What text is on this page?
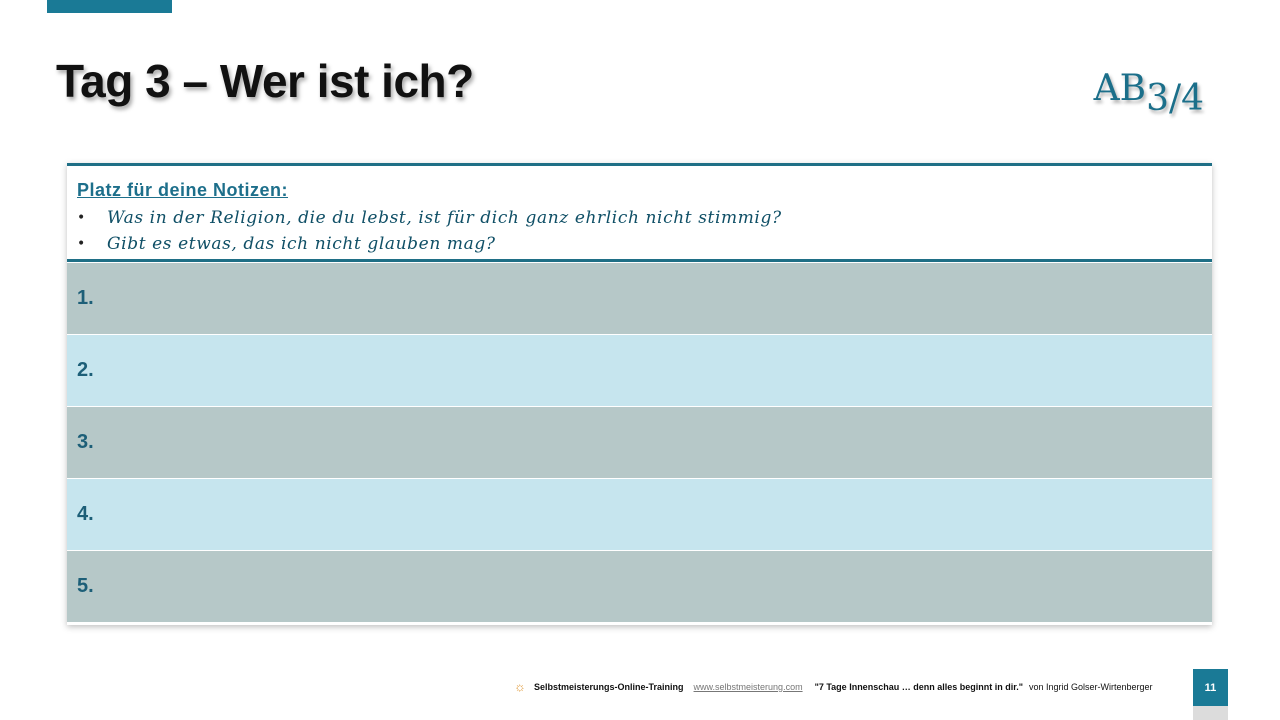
Tag 3 – Wer ist ich?	AB3/4
Platz für deine Notizen:
• Was in der Religion, die du lebst, ist für dich ganz ehrlich nicht stimmig?
• Gibt es etwas, das ich nicht glauben mag?
1.
2.
3.
4.
5.
☼ Selbstmeisterungs-Online-Training www.selbstmeisterung.com "7 Tage Innenschau … denn alles beginnt in dir." von Ingrid Golser-Wirtenberger	11
